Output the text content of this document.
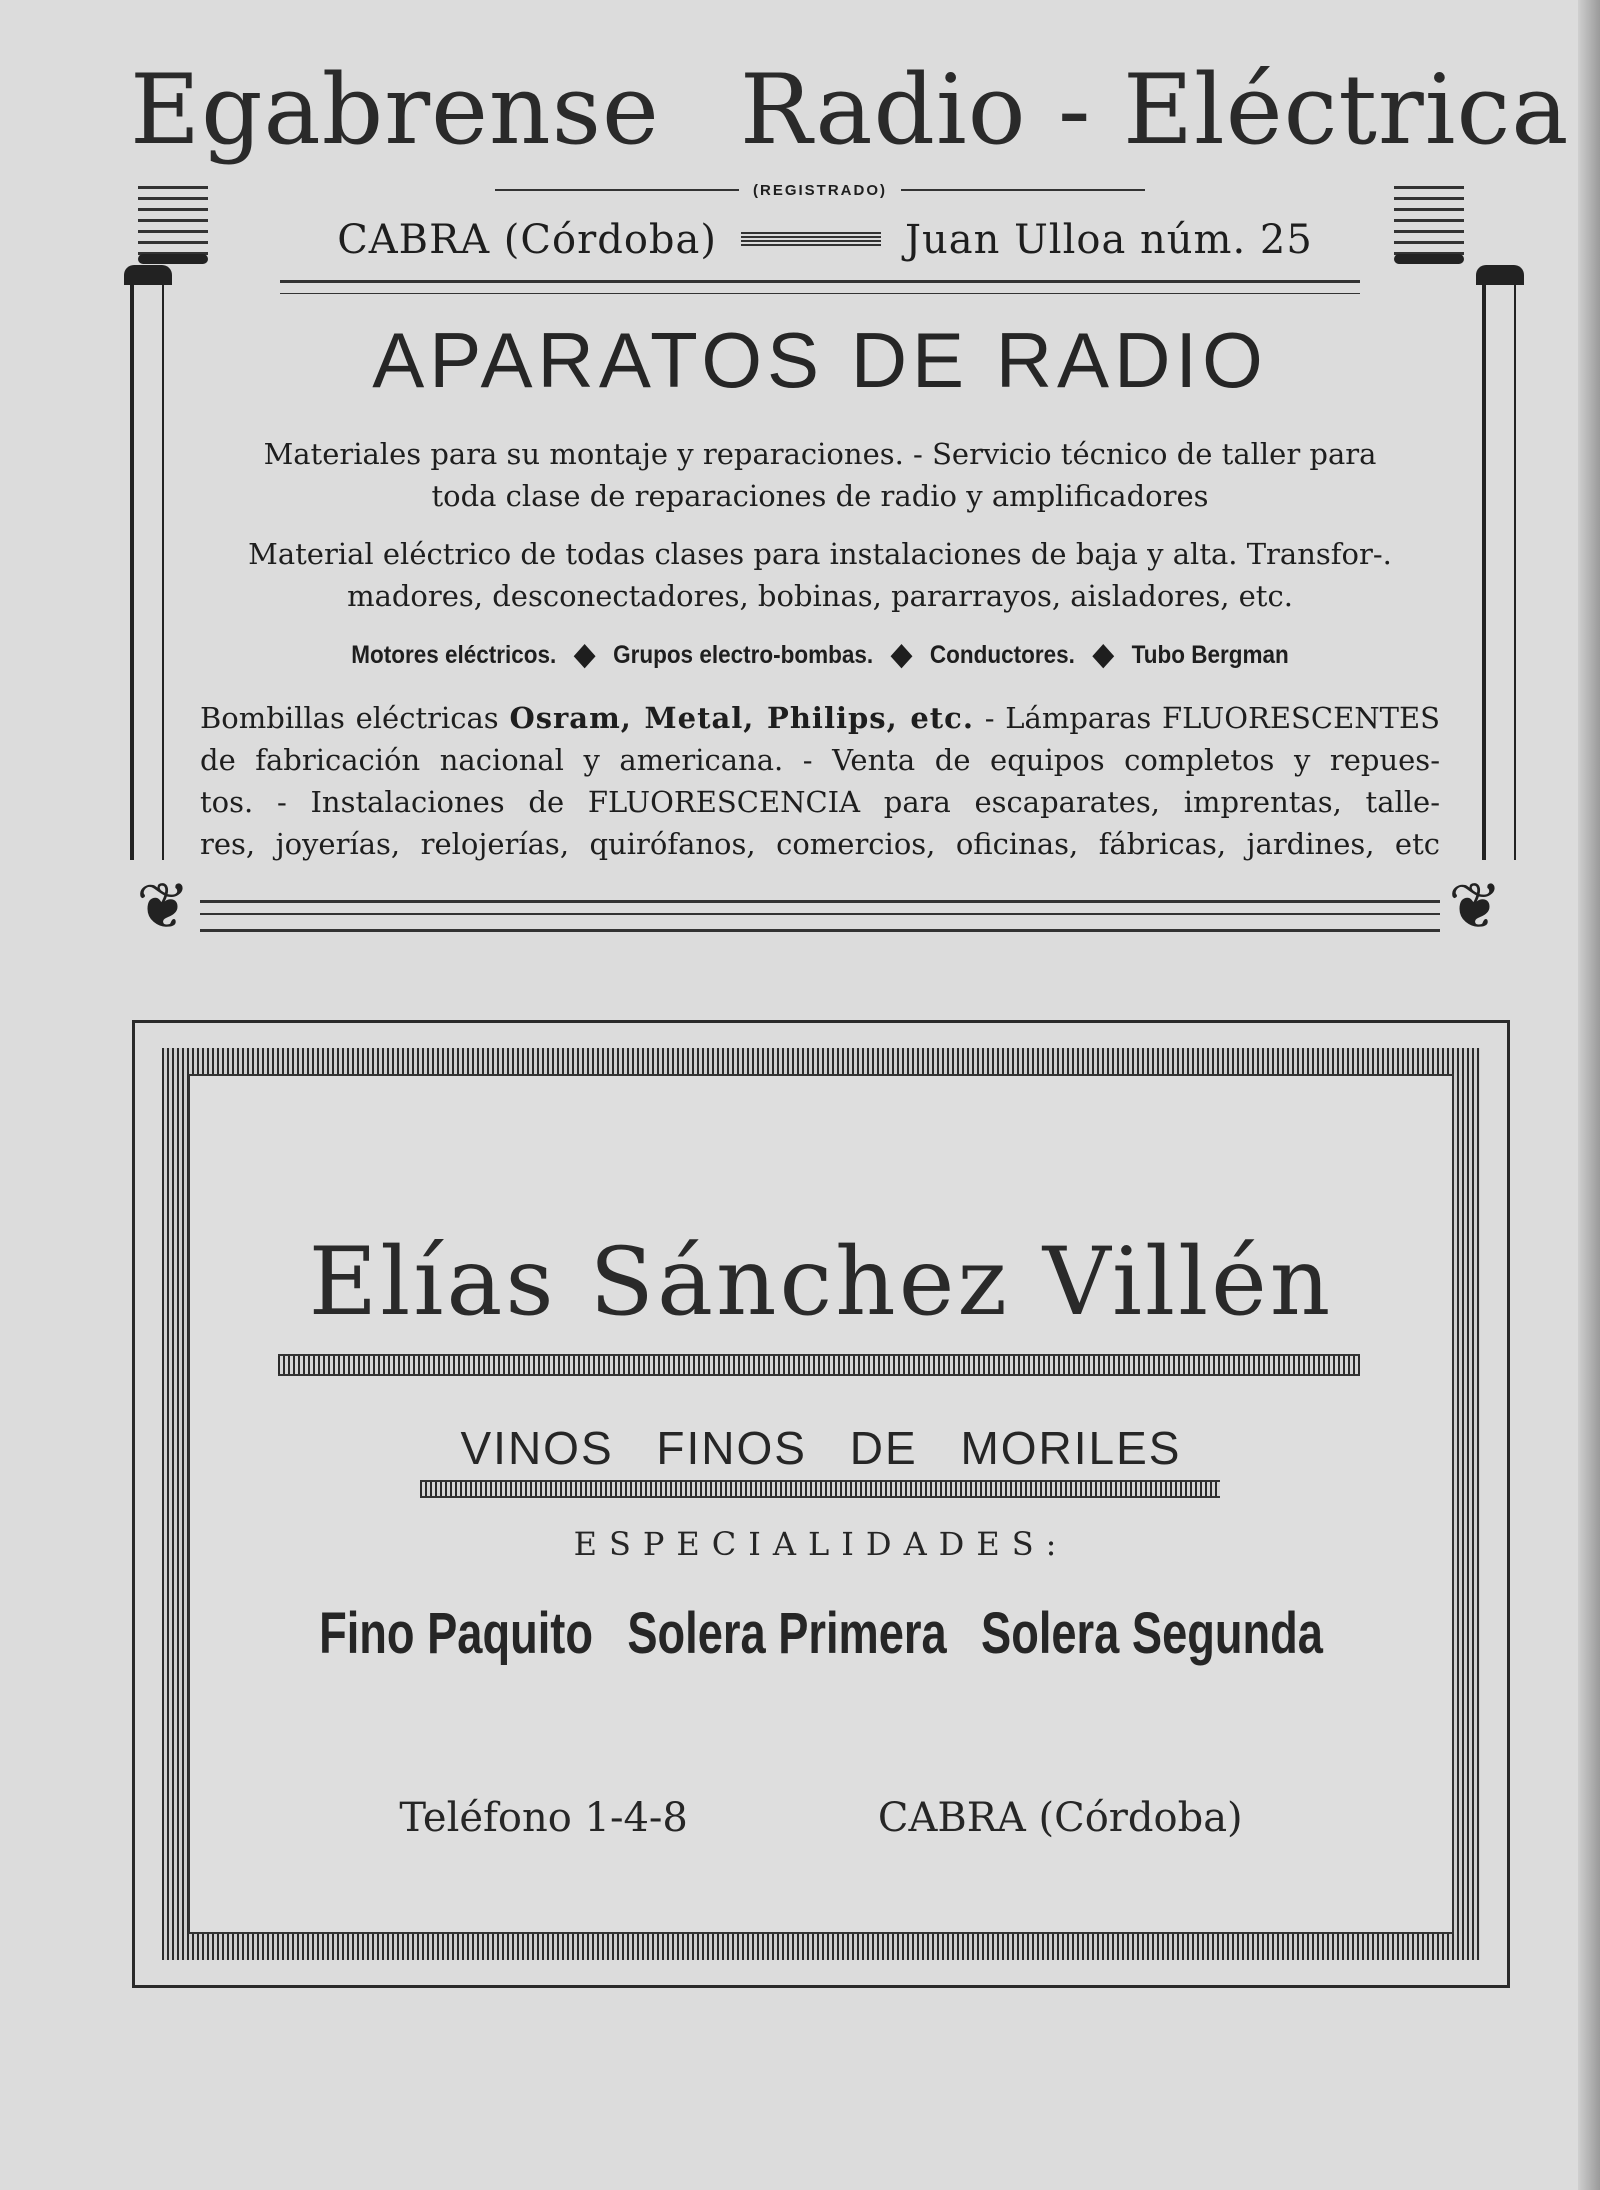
Egabrense Radio - Eléctrica
(REGISTRADO)
CABRA (Córdoba)	Juan Ulloa núm. 25
❦	❦
APARATOS DE RADIO
Materiales para su montaje y reparaciones. - Servicio técnico de taller para
toda clase de reparaciones de radio y amplificadores
Material eléctrico de todas clases para instalaciones de baja y alta. Transfor-.
madores, desconectadores, bobinas, pararrayos, aisladores, etc.
Motores eléctricos. ◆ Grupos electro-bombas. ◆ Conductores. ◆ Tubo Bergman
Bombillas eléctricas Osram, Metal, Philips, etc. - Lámparas FLUORESCENTES
de fabricación nacional y americana. - Venta de equipos completos y repues-
tos. - Instalaciones de FLUORESCENCIA para escaparates, imprentas, talle-
res, joyerías, relojerías, quirófanos, comercios, oficinas, fábricas, jardines, etc
Elías Sánchez Villén
VINOS FINOS DE MORILES
ESPECIALIDADES:
Fino Paquito Solera Primera Solera Segunda
Teléfono 1-4-8	CABRA (Córdoba)
